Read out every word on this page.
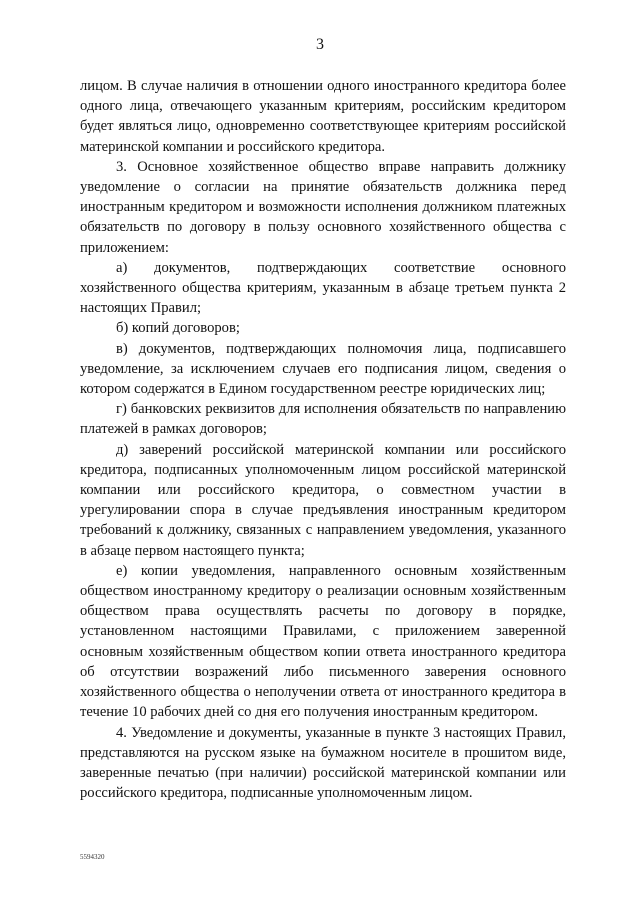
3

лицом. В случае наличия в отношении одного иностранного кредитора более одного лица, отвечающего указанным критериям, российским кредитором будет являться лицо, одновременно соответствующее критериям российской материнской компании и российского кредитора.

3. Основное хозяйственное общество вправе направить должнику уведомление о согласии на принятие обязательств должника перед иностранным кредитором и возможности исполнения должником платежных обязательств по договору в пользу основного хозяйственного общества с приложением:

а) документов, подтверждающих соответствие основного хозяйственного общества критериям, указанным в абзаце третьем пункта 2 настоящих Правил;

б) копий договоров;

в) документов, подтверждающих полномочия лица, подписавшего уведомление, за исключением случаев его подписания лицом, сведения о котором содержатся в Едином государственном реестре юридических лиц;

г) банковских реквизитов для исполнения обязательств по направлению платежей в рамках договоров;

д) заверений российской материнской компании или российского кредитора, подписанных уполномоченным лицом российской материнской компании или российского кредитора, о совместном участии в урегулировании спора в случае предъявления иностранным кредитором требований к должнику, связанных с направлением уведомления, указанного в абзаце первом настоящего пункта;

е) копии уведомления, направленного основным хозяйственным обществом иностранному кредитору о реализации основным хозяйственным обществом права осуществлять расчеты по договору в порядке, установленном настоящими Правилами, с приложением заверенной основным хозяйственным обществом копии ответа иностранного кредитора об отсутствии возражений либо письменного заверения основного хозяйственного общества о неполучении ответа от иностранного кредитора в течение 10 рабочих дней со дня его получения иностранным кредитором.

4. Уведомление и документы, указанные в пункте 3 настоящих Правил, представляются на русском языке на бумажном носителе в прошитом виде, заверенные печатью (при наличии) российской материнской компании или российского кредитора, подписанные уполномоченным лицом.

5594320
